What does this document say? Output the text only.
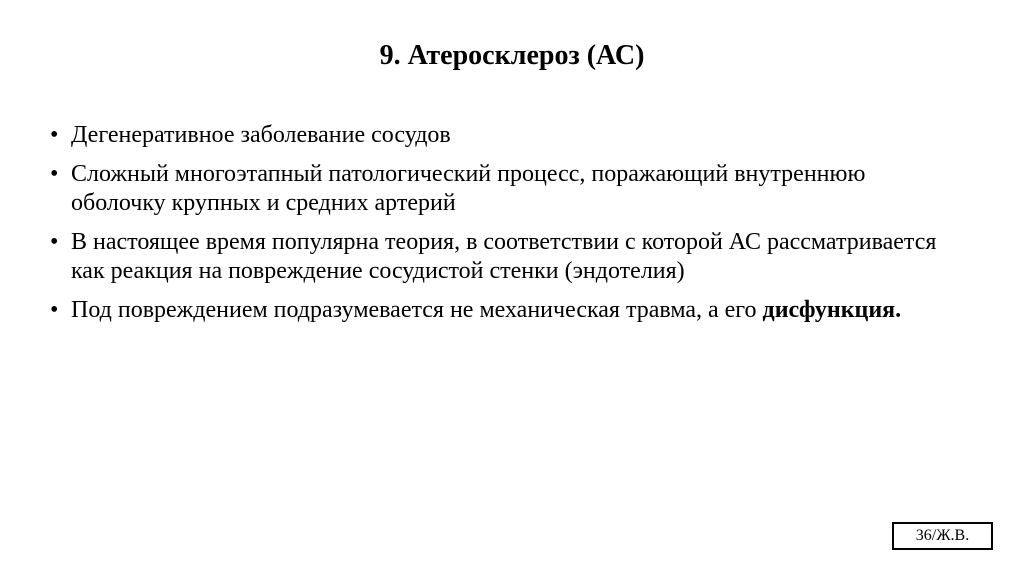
9. Атеросклероз (АС)
• Дегенеративное заболевание сосудов
• Сложный многоэтапный патологический процесс, поражающий внутреннюю оболочку крупных и средних артерий
• В настоящее время популярна теория, в соответствии с которой АС рассматривается как реакция на повреждение сосудистой стенки (эндотелия)
• Под повреждением подразумевается не механическая травма, а его дисфункция.
36/Ж.В.
